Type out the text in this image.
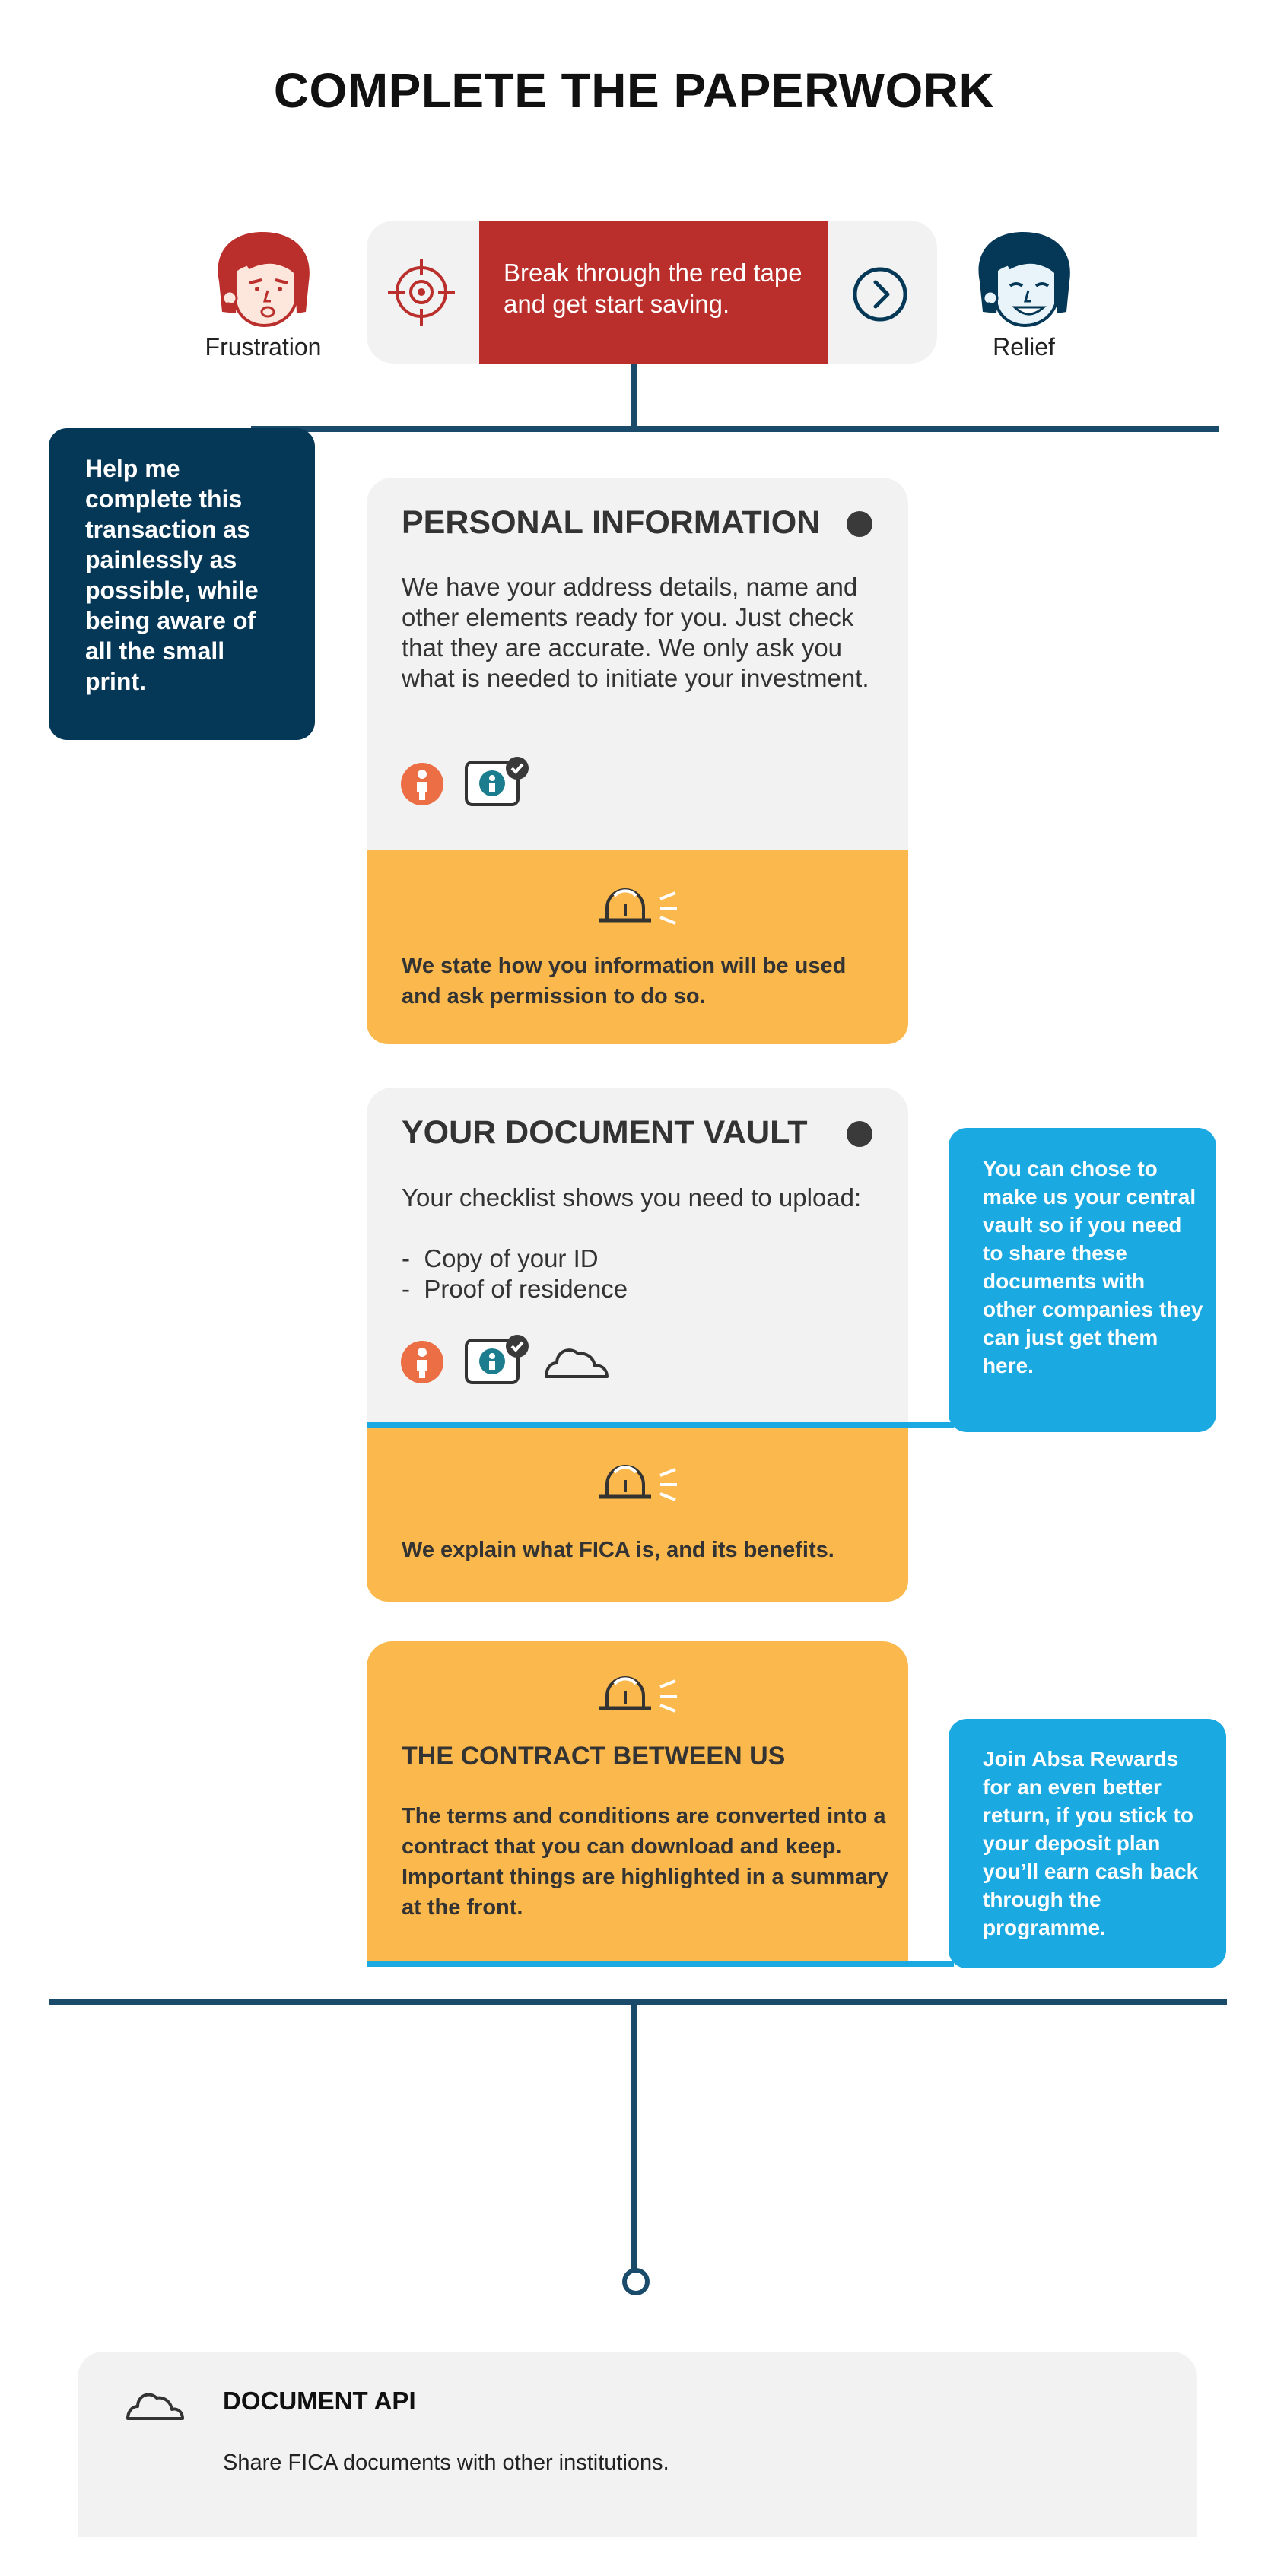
COMPLETE THE PAPERWORK
Frustration
Break through the red tape and get start saving.
Relief
Help me complete this transaction as painlessly as possible, while being aware of all the small print.
PERSONAL INFORMATION
We have your address details, name and other elements ready for you. Just check that they are accurate. We only ask you what is needed to initiate your investment.
We state how you information will be used and ask permission to do so.
YOUR DOCUMENT VAULT
Your checklist shows you need to upload:
-  Copy of your ID
-  Proof of residence
You can chose to make us your central vault so if you need to share these documents with other companies they can just get them here.
We explain what FICA is, and its benefits.
THE CONTRACT BETWEEN US
The terms and conditions are converted into a contract that you can download and keep. Important things are highlighted in a summary at the front.
Join Absa Rewards for an even better return, if you stick to your deposit plan you’ll earn cash back through the programme.
DOCUMENT API
Share FICA documents with other institutions.
